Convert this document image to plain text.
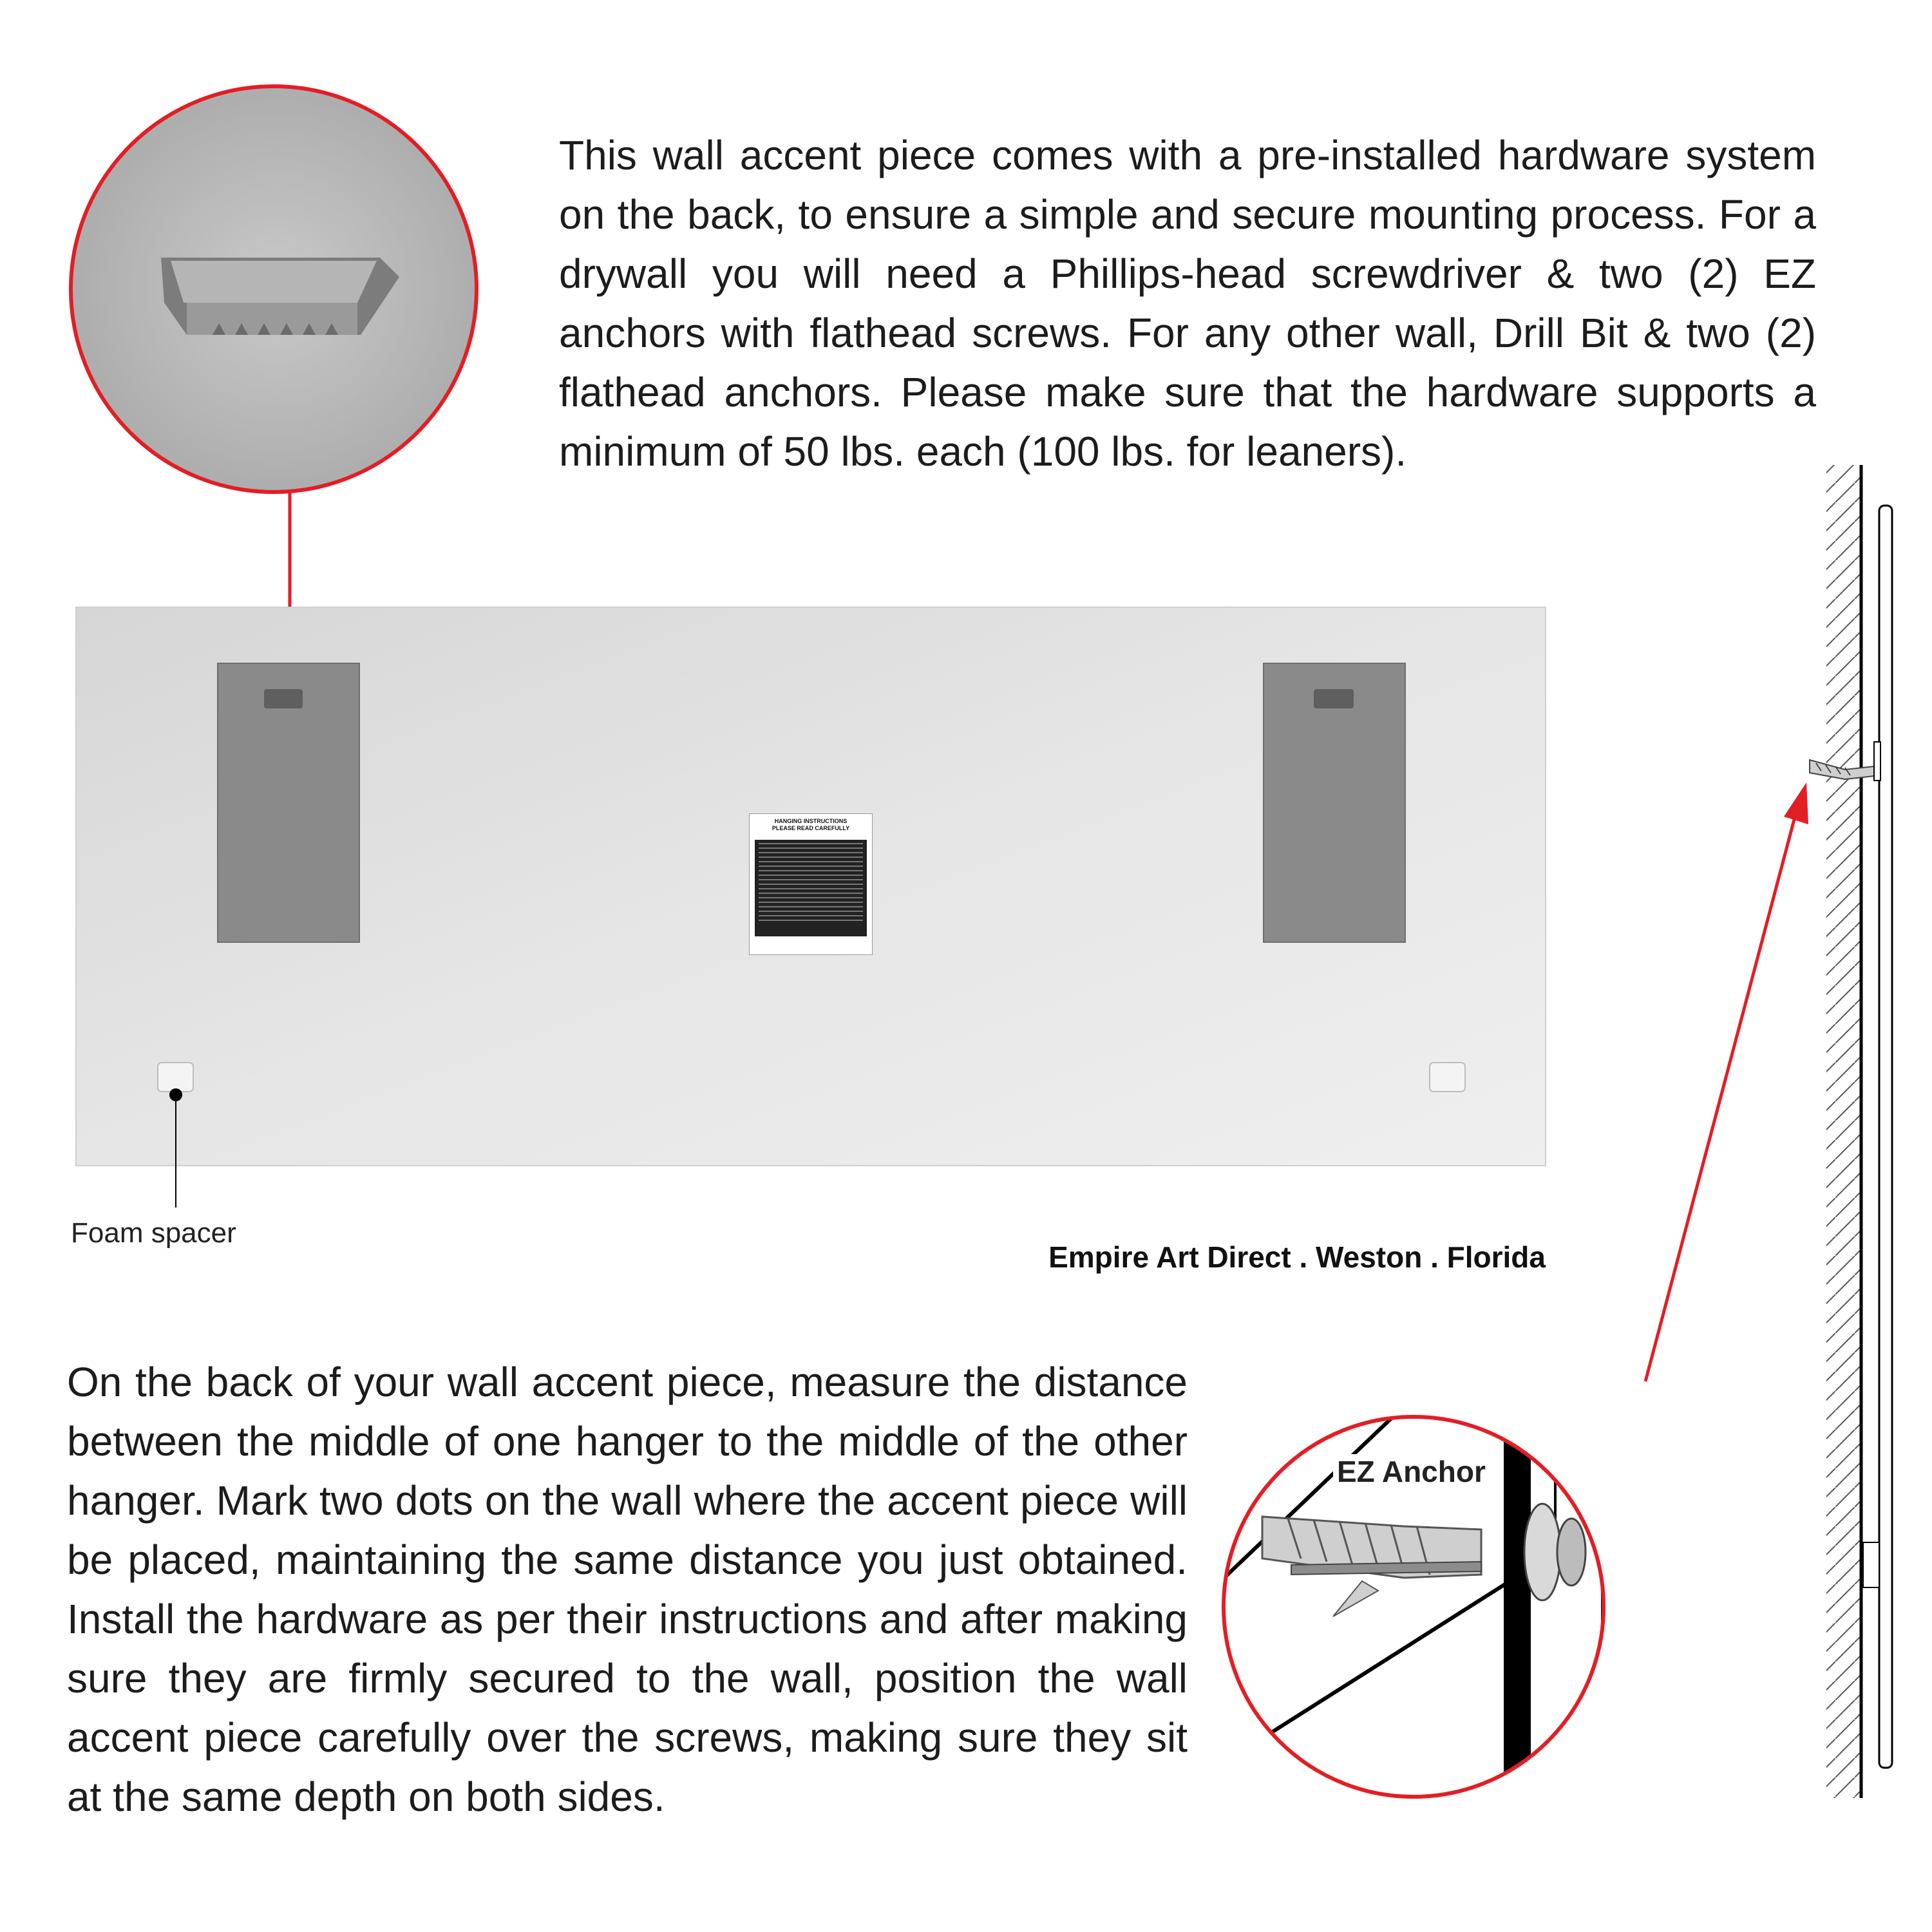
HANGING INSTRUCTIONS
PLEASE READ CAREFULLY
This wall accent piece comes with a pre-installed hardware system on the back, to ensure a simple and secure mounting process. For a drywall you will need a Phillips-head screwdriver & two (2) EZ anchors with flathead screws. For any other wall, Drill Bit & two (2) flathead anchors. Please make sure that the hardware supports a minimum of 50 lbs. each (100 lbs. for leaners).
On the back of your wall accent piece, measure the distance between the middle of one hanger to the middle of the other hanger. Mark two dots on the wall where the accent piece will be placed, maintaining the same distance you just obtained. Install the hardware as per their instructions and after making sure they are firmly secured to the wall, position the wall accent piece carefully over the screws, making sure they sit at the same depth on both sides.
Foam spacer
Empire Art Direct . Weston . Florida
EZ Anchor
